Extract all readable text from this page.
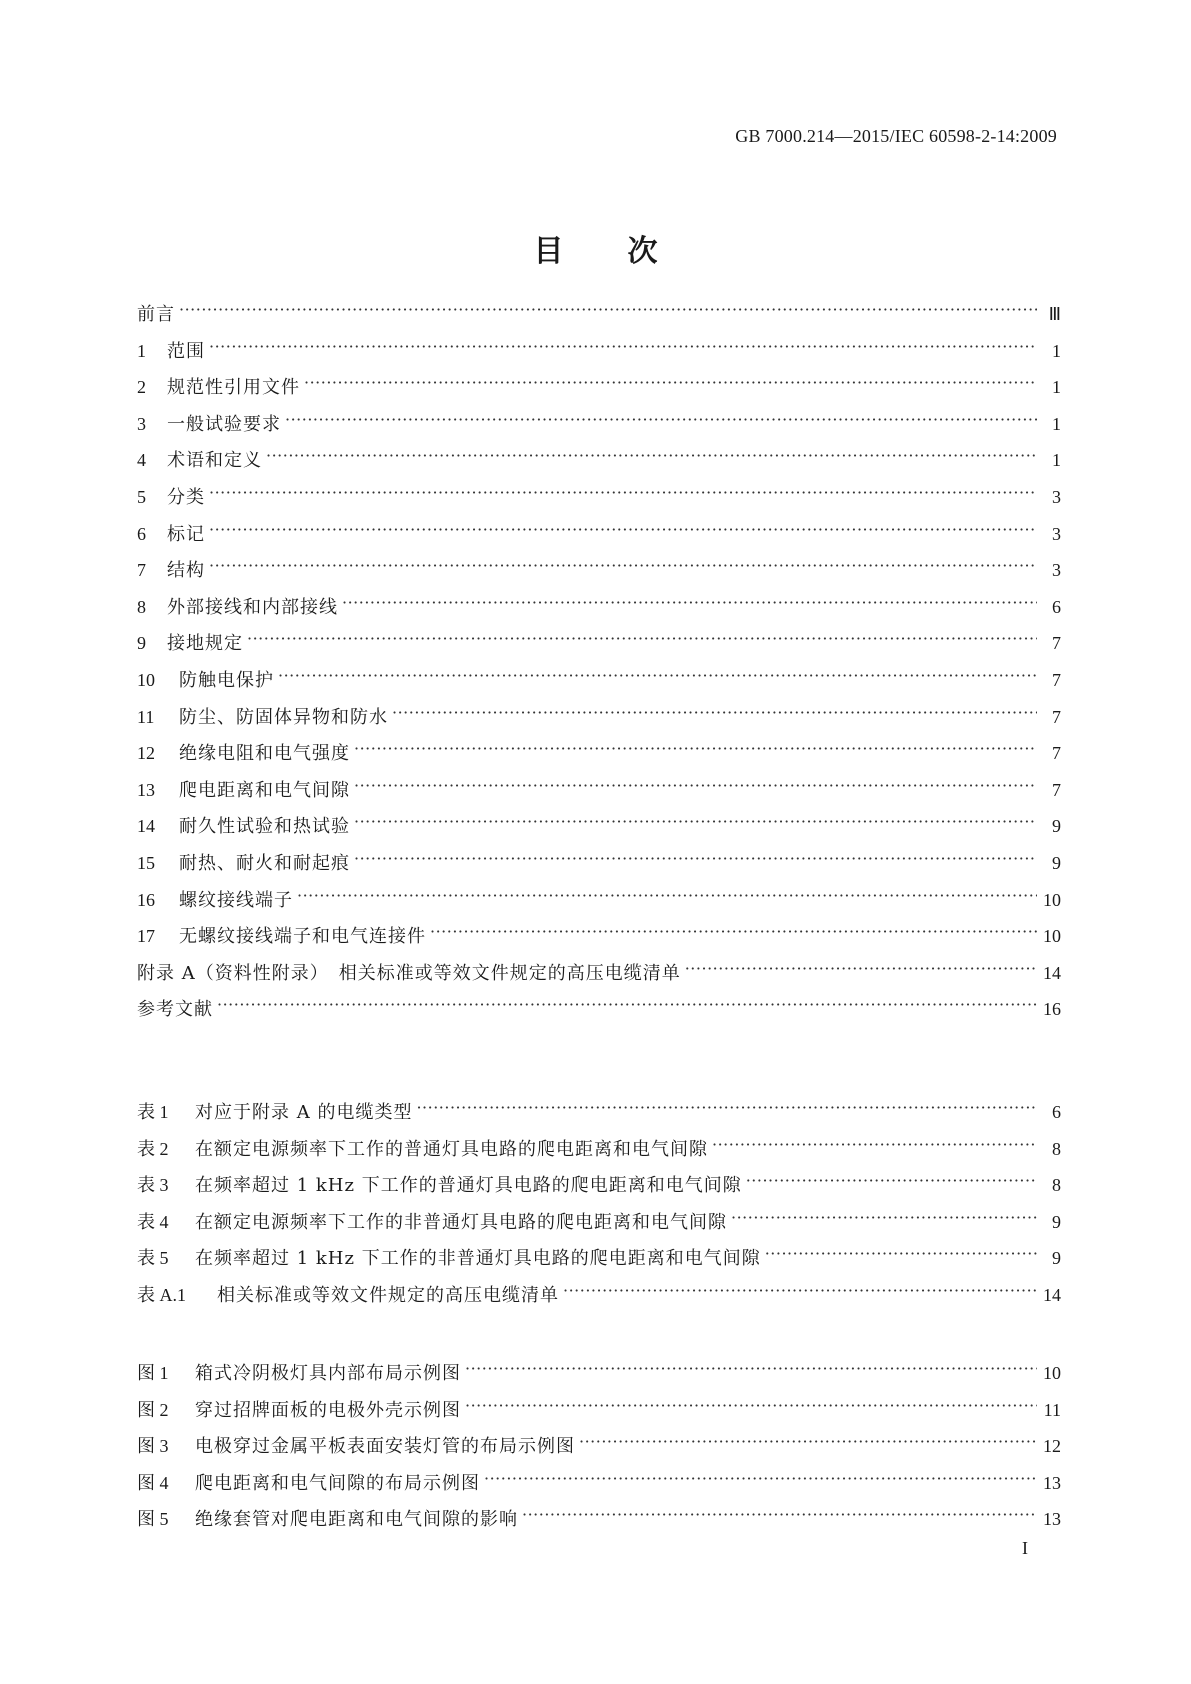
GB 7000.214—2015/IEC 60598-2-14:2009
目次
前言 ·····	Ⅲ
1	范围 ·····	1
2	规范性引用文件 ·····	1
3	一般试验要求 ·····	1
4	术语和定义 ·····	1
5	分类 ·····	3
6	标记 ·····	3
7	结构 ·····	3
8	外部接线和内部接线 ·····	6
9	接地规定 ·····	7
10	防触电保护 ·····	7
11	防尘、防固体异物和防水 ·····	7
12	绝缘电阻和电气强度 ·····	7
13	爬电距离和电气间隙 ·····	7
14	耐久性试验和热试验 ·····	9
15	耐热、耐火和耐起痕 ·····	9
16	螺纹接线端子 ·····	10
17	无螺纹接线端子和电气连接件 ·····	10
附录 A（资料性附录）　相关标准或等效文件规定的高压电缆清单 ·····	14
参考文献 ·····	16
表 1	对应于附录 A 的电缆类型 ·····	6
表 2	在额定电源频率下工作的普通灯具电路的爬电距离和电气间隙 ·····	8
表 3	在频率超过 1 kHz 下工作的普通灯具电路的爬电距离和电气间隙 ·····	8
表 4	在额定电源频率下工作的非普通灯具电路的爬电距离和电气间隙 ·····	9
表 5	在频率超过 1 kHz 下工作的非普通灯具电路的爬电距离和电气间隙 ·····	9
表 A.1	相关标准或等效文件规定的高压电缆清单 ·····	14
图 1	箱式冷阴极灯具内部布局示例图 ·····	10
图 2	穿过招牌面板的电极外壳示例图 ·····	11
图 3	电极穿过金属平板表面安装灯管的布局示例图 ·····	12
图 4	爬电距离和电气间隙的布局示例图 ·····	13
图 5	绝缘套管对爬电距离和电气间隙的影响 ·····	13
I
